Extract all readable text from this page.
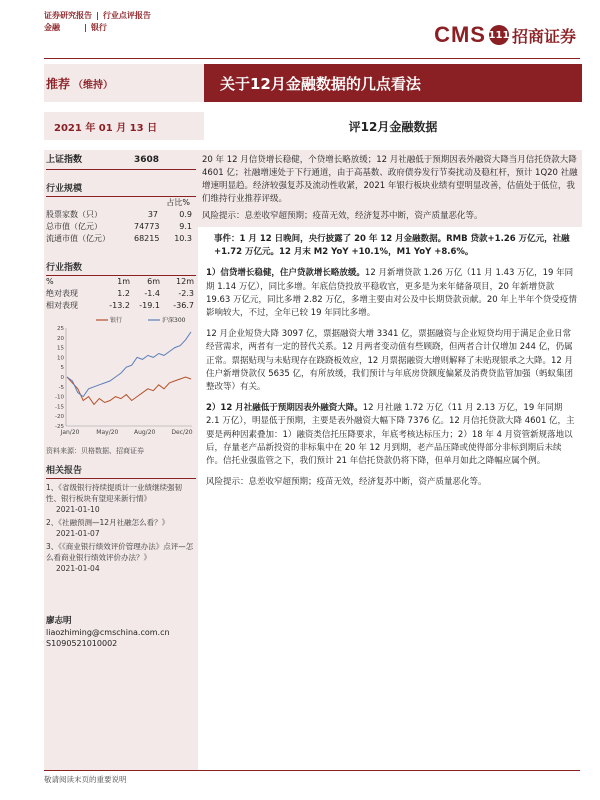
证券研究报告 | 行业点评报告
金融	| 银行	CMS 111 招商证券
推荐 （维持）	关于12月金融数据的几点看法
2021 年 01 月 13 日	评12月金融数据
上证指数	3608
行业规模
占比%
股票家数（只）	37	0.9
总市值（亿元）	74773	9.1
流通市值（亿元）	68215	10.3
行业指数
%	1m	6m	12m
绝对表现	1.2	-1.4	-2.3
相对表现	-13.2	-19.1	-36.7
-25
-20
-15
-10
-5
0
5
10
15
20
25
Jan/20	May/20	Aug/20	Dec/20
银行	沪深300
资料来源：贝格数据、招商证券
相关报告
1、《省级银行持续提质计一业绩继续强韧性、银行板块有望迎来新行情》
2021-01-10
2、《社融预测—12月社融怎么看？》
2021-01-07
3、《《商业银行绩效评价管理办法》点评—怎么看商业银行绩效评价办法？》
2021-01-04
廖志明
liaozhiming@cmschina.com.cn
S1090521010002

20 年 12 月信贷增长稳健，个贷增长略放缓；12 月社融低于预期因表外融资大降当月信托贷款大降 4601 亿；社融增速处于下行通道，由于高基数、政府债券发行节奏扰动及稳杠杆，预计 1Q20 社融增速明显趋。经济较强复苏及流动性收紧，2021 年银行板块业绩有望明显改善，估值处于低位，我们维持行业推荐评级。

风险提示：息差收窄超预期；疫苗无效，经济复苏中断，资产质量恶化等。

事件：1 月 12 日晚间，央行披露了 20 年 12 月金融数据。RMB 贷款+1.26 万亿元，社融+1.72 万亿元。12 月末 M2 YoY +10.1%，M1 YoY +8.6%。

1）信贷增长稳健，住户贷款增长略放缓。12 月新增贷款 1.26 万亿（11 月 1.43 万亿，19 年同期 1.14 万亿），同比多增。年底信贷投放平稳收官，更多是为来年储备项目，20 年新增贷款 19.63 万亿元，同比多增 2.82 万亿，多增主要由对公及中长期贷款贡献。20 年上半年个贷受疫情影响较大，不过，全年已较 19 年同比多增。

12 月企业短贷大降 3097 亿，票据融资大增 3341 亿，票据融资与企业短贷均用于满足企业日常经营需求，两者有一定的替代关系。12 月两者变动值有些顾跷，但两者合计仅增加 244 亿，仍属正常。票据贴现与未贴现存在跷跷板效应，12 月票据融资大增则解释了未贴现银承之大降。12 月住户新增贷款仅 5635 亿，有所放缓，我们预计与年底房贷额度偏紧及消费贷监管加强（蚂蚁集团整改等）有关。

2）12 月社融低于预期因表外融资大降。12 月社融 1.72 万亿（11 月 2.13 万亿，19 年同期 2.1 万亿），明显低于预期，主要是表外融资大幅下降 7376 亿。12 月信托贷款大降 4601 亿，主要是两种因素叠加：1）融资类信托压降要求，年底考核达标压力；2）18 年 4 月资管新规落地以后，存量老产品新投资的非标集中在 20 年 12 月到期，老产品压降或使得部分非标到期后未续作。信托业强监管之下，我们预计 21 年信托贷款仍将下降，但单月如此之降幅应属个例。

风险提示：息差收窄超预期；疫苗无效，经济复苏中断，资产质量恶化等。

敬请阅读末页的重要说明
